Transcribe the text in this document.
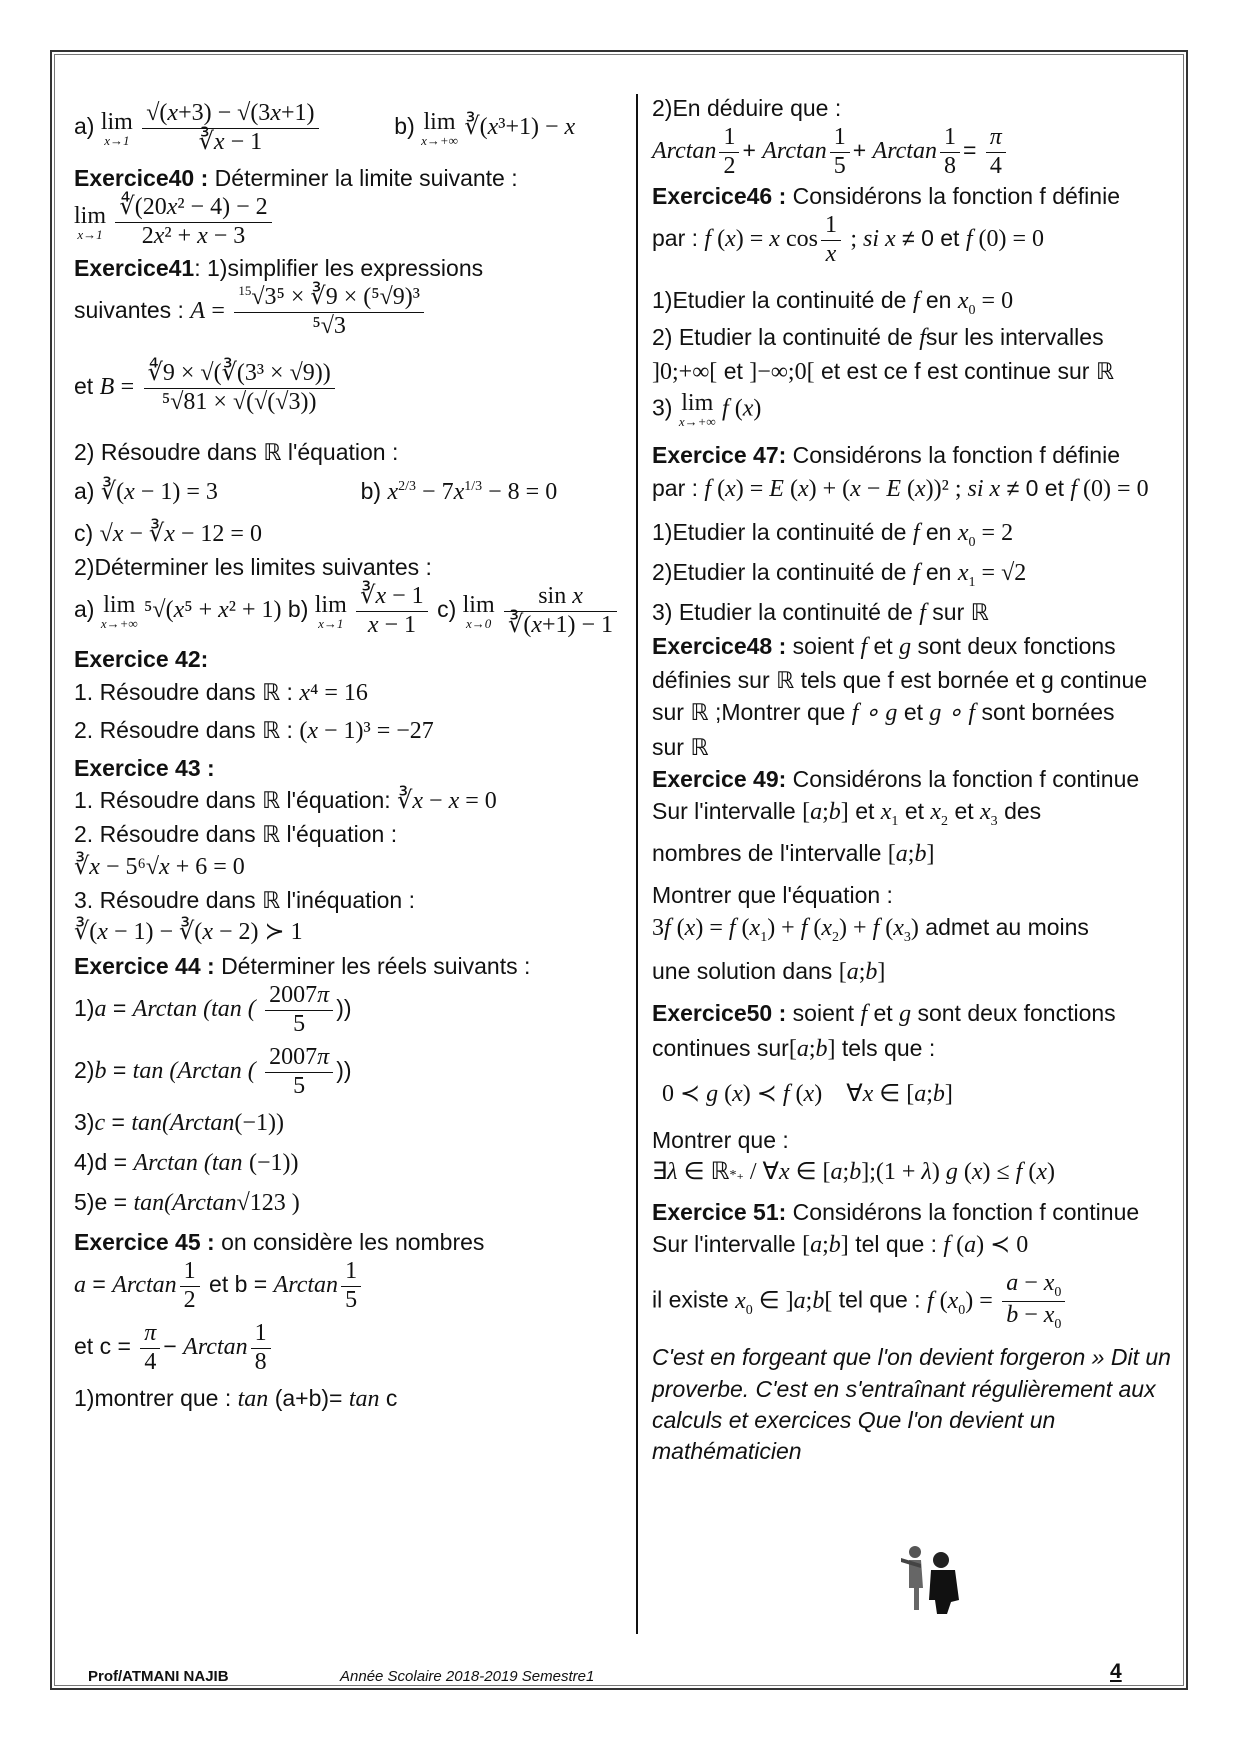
a) lim
x→1
$\frac{√(x+3) - √(3x+1)}{∛x - 1}$	b) lim
x→+∞ ∛(x³+1) − x
Exercice40 : Déterminer la limite suivante :
lim
x→1
$\frac{\text{∜(20x² − 4) − 2}}{\text{2x² + x − 3}}$
Exercice41: 1)simplifier les expressions
suivantes : $A = \frac{^{15}√3^5 \times ∛9 \times (^5√9)^3}{\text{⁵√3}}$
et $B = \frac{\text{∜9 × √(∛(3³ × √9))}}{\text{⁵√81 × √(√(√3))}}$
2) Résoudre dans ℝ l'équation :
a) ∛(x − 1) = 3	b) $x^{2/3} - 7x^{1/3} - 8 = 0$
c) √x − ∛x − 12 = 0
2)Déterminer les limites suivantes :
a) lim
x→+∞ ⁵√(x⁵ + x² + 1) b) lim
x→1
$\frac{∛x - 1}{x - 1} c$) lim
x→0
$\frac{\text{sin x}}{∛(x+1) - 1}$
Exercice 42:
1. Résoudre dans ℝ : x⁴ = 16
2. Résoudre dans ℝ : (x − 1)³ = −27
Exercice 43 :
1. Résoudre dans ℝ l'équation: ∛x − x = 0
2. Résoudre dans ℝ l'équation :
∛x − 5⁶√x + 6 = 0
3. Résoudre dans ℝ l'inéquation :
∛(x − 1) − ∛(x − 2) ≻ 1
Exercice 44 : Déterminer les réels suivants :
1)a = Arctan (tan ( $\frac{2007\pi}{5}$ ))
2)b = tan (Arctan ( $\frac{2007\pi}{5}$ ))
3)c = tan(Arctan(−1))
4)d = Arctan (tan (−1))
5)e = tan(Arctan√123 )
Exercice 45 : on considère les nombres
a = Arctan $\frac{1}{2}$ et b = Arctan $\frac{1}{5}$
et $c = \frac{\pi}{4} - Arctan \frac{1}{8}$
1)montrer que : tan (a+b)= tan c
2)En déduire que :
Arctan $\frac{1}{2} + Arctan \frac{1}{5} + Arctan \frac{1}{8} = \frac{\pi}{4}$
Exercice46 : Considérons la fonction f définie
par : f (x) = x $\cos \frac{1}{x}$ ; si x ≠ 0 et f (0) = 0
1)Etudier la continuité de f en $x_0 = 0$
2) Etudier la continuité de fsur les intervalles
]0;+∞[ et ]−∞;0[ et est ce f est continue sur ℝ
3) lim
x→+∞ f (x)
Exercice 47: Considérons la fonction f définie
par : f (x) = E (x) + (x − E (x))² ; si x ≠ 0 et f (0) = 0
1)Etudier la continuité de f en $x_0 = 2$
2)Etudier la continuité de f en $x_1 = √2$
3) Etudier la continuité de f sur ℝ
Exercice48 : soient f et g sont deux fonctions
définies sur ℝ tels que f est bornée et g continue
sur ℝ ;Montrer que f ∘ g et g ∘ f sont bornées
sur ℝ
Exercice 49: Considérons la fonction f continue
Sur l'intervalle [a;b] et $x_1$ et $x_2$ et $x_3$ des
nombres de l'intervalle [a;b]
Montrer que l'équation :
3f (x) = f $(x_1) + f$ $(x_2) + f$ $(x_3)$ admet au moins
une solution dans [a;b]
Exercice50 : soient f et g sont deux fonctions
continues sur[a;b] tels que :
0 ≺ g (x) ≺ f (x)    ∀x ∈ [a;b]
Montrer que :
∃λ ∈ ℝ*₊ / ∀x ∈ [a;b];(1 + λ) g (x) ≤ f (x)
Exercice 51: Considérons la fonction f continue
Sur l'intervalle [a;b] tel que : f (a) ≺ 0
il existe $x_0$ ∈ ]a;b[ tel que : f $(x_0) = \frac{a - x_0}{b - x_0}$
C'est en forgeant que l'on devient forgeron » Dit un proverbe. C'est en s'entraînant régulièrement aux calculs et exercices Que l'on devient un mathématicien
Prof/ATMANI NAJIB	Année Scolaire 2018-2019 Semestre1	4
